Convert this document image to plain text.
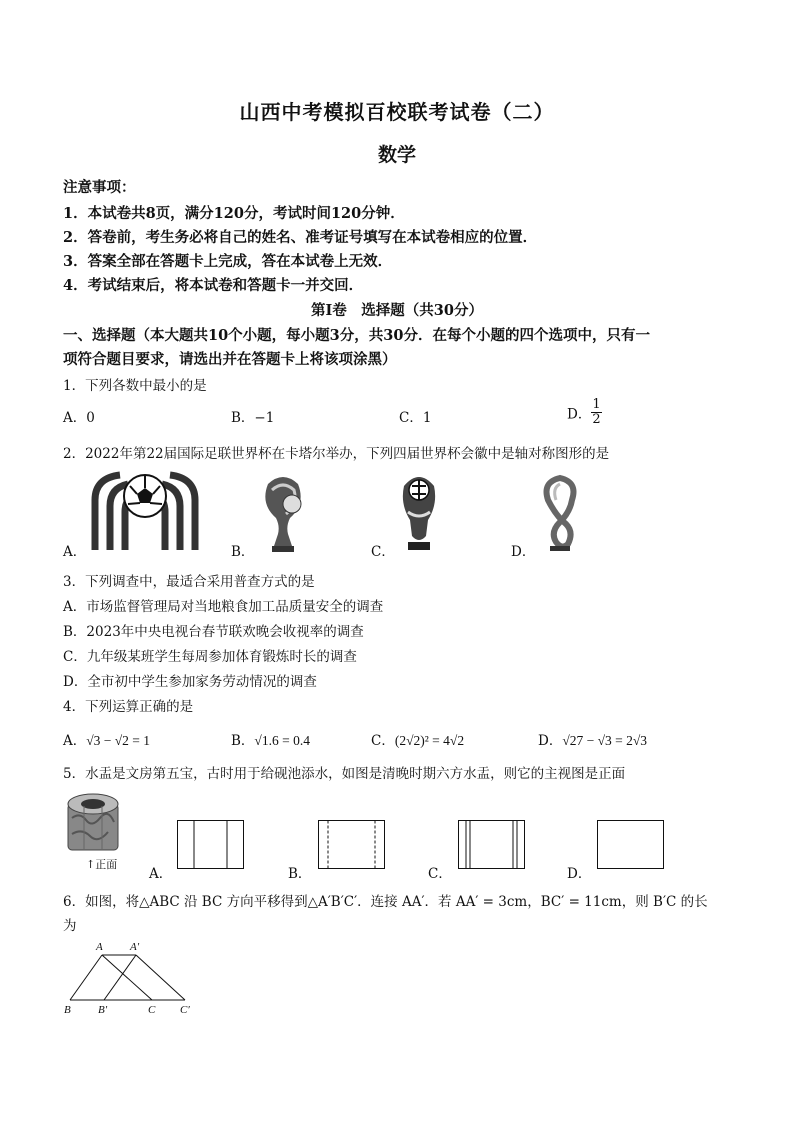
山西中考模拟百校联考试卷（二）
数学
注意事项：
1．本试卷共8页，满分120分，考试时间120分钟．
2．答卷前，考生务必将自己的姓名、准考证号填写在本试卷相应的位置．
3．答案全部在答题卡上完成，答在本试卷上无效．
4．考试结束后，将本试卷和答题卡一并交回．
第Ⅰ卷　选择题（共30分）
一、选择题（本大题共10个小题，每小题3分，共30分．在每个小题的四个选项中，只有一
项符合题目要求，请选出并在答题卡上将该项涂黑）
1．下列各数中最小的是
A．0	B．−1	C．1	D． $\frac{1}{2}$
2．2022年第22届国际足联世界杯在卡塔尔举办，下列四届世界杯会徽中是轴对称图形的是
A．	B．	C．	D．
3．下列调查中，最适合采用普查方式的是
A．市场监督管理局对当地粮食加工品质量安全的调查
B．2023年中央电视台春节联欢晚会收视率的调查
C．九年级某班学生每周参加体育锻炼时长的调查
D．全市初中学生参加家务劳动情况的调查
4．下列运算正确的是
A．√3 − √2 = 1	B．√1.6 = 0.4	C．(2√2)² = 4√2	D．√27 − √3 = 2√3
5．水盂是文房第五宝，古时用于给砚池添水，如图是清晚时期六方水盂，则它的主视图是正面
↑正面
A．	B．	C．	D．
6．如图，将△ABC 沿 BC 方向平移得到△A′B′C′．连接 AA′．若 AA′ = 3cm，BC′ = 11cm，则 B′C 的长
为
A A′
B B′	C C′
